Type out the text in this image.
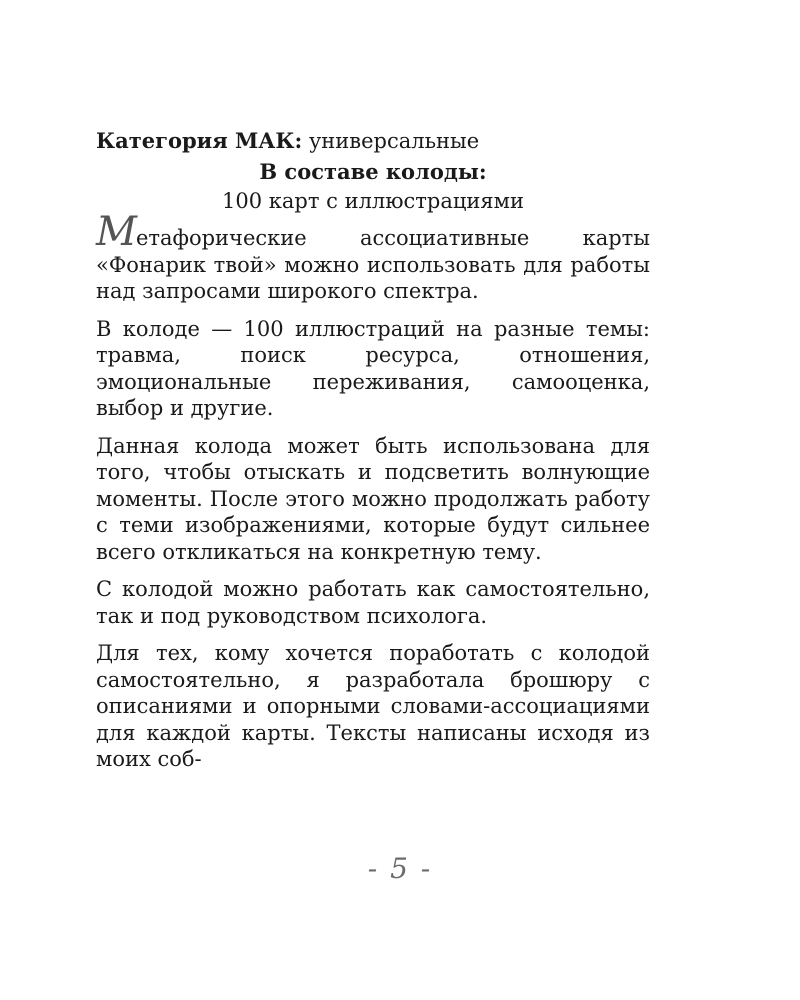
Категория МАК: универсальные

В составе колоды:

100 карт с иллюстрациями

Метафорические ассоциативные карты «Фонарик твой» можно использовать для работы над запросами широкого спектра.

В колоде — 100 иллюстраций на разные темы: травма, поиск ресурса, отношения, эмоциональные переживания, самооценка, выбор и другие.

Данная колода может быть использована для того, чтобы отыскать и подсветить волнующие моменты. После этого можно продолжать работу с теми изображениями, которые будут сильнее всего откликаться на конкретную тему.

С колодой можно работать как самостоятельно, так и под руководством психолога.

Для тех, кому хочется поработать с колодой самостоятельно, я разработала брошюру с описаниями и опорными словами-ассоциациями для каждой карты. Тексты написаны исходя из моих соб-

- 5 -
